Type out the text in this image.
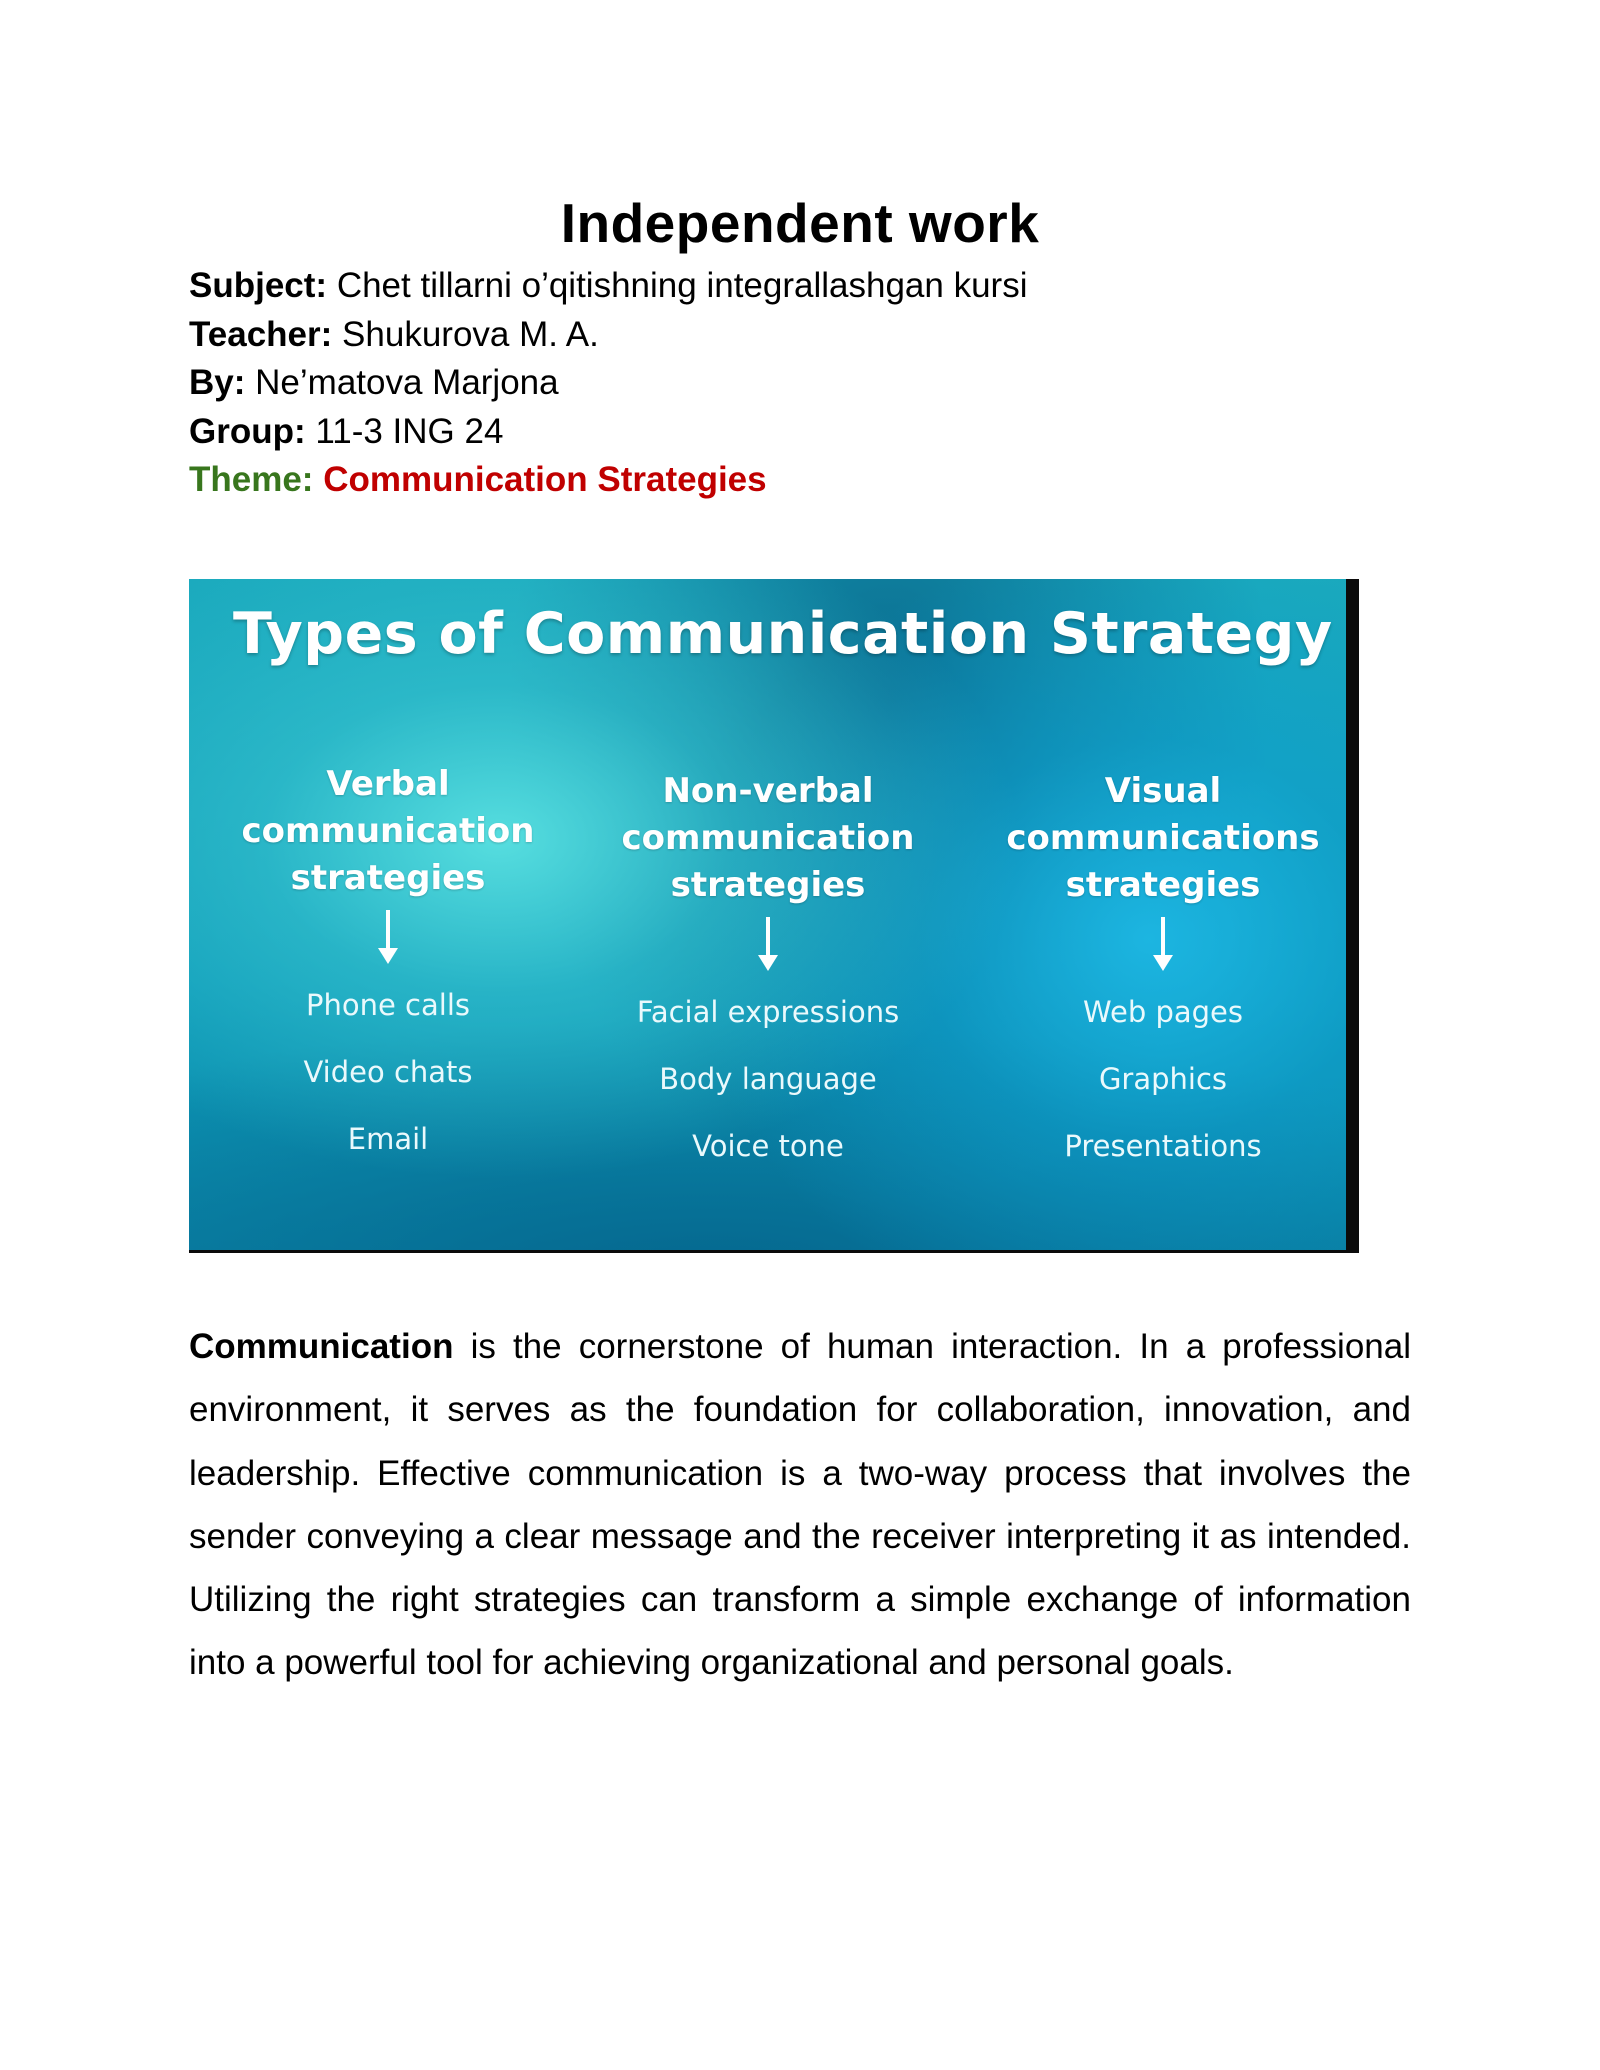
Independent work
Subject: Chet tillarni o’qitishning integrallashgan kursi
Teacher: Shukurova M. A.
By: Ne’matova Marjona
Group: 11-3 ING 24
Theme: Communication Strategies
Types of Communication Strategy
Verbal
communication
strategies
Phone calls
Video chats
Email
Non-verbal
communication
strategies
Facial expressions
Body language
Voice tone
Visual
communications
strategies
Web pages
Graphics
Presentations
Communication is the cornerstone of human interaction. In a professional environment, it serves as the foundation for collaboration, innovation, and leadership. Effective communication is a two-way process that involves the sender conveying a clear message and the receiver interpreting it as intended. Utilizing the right strategies can transform a simple exchange of information into a powerful tool for achieving organizational and personal goals.
